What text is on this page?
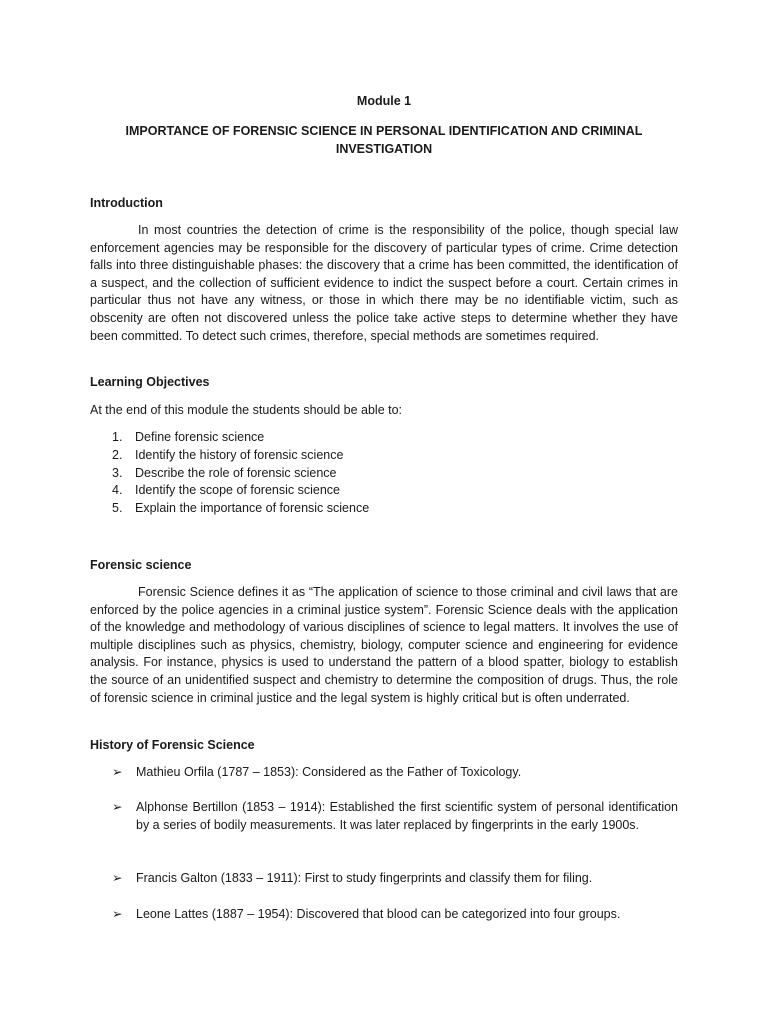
Module 1
IMPORTANCE OF FORENSIC SCIENCE IN PERSONAL IDENTIFICATION AND CRIMINAL INVESTIGATION
Introduction
In most countries the detection of crime is the responsibility of the police, though special law enforcement agencies may be responsible for the discovery of particular types of crime. Crime detection falls into three distinguishable phases: the discovery that a crime has been committed, the identification of a suspect, and the collection of sufficient evidence to indict the suspect before a court. Certain crimes in particular thus not have any witness, or those in which there may be no identifiable victim, such as obscenity are often not discovered unless the police take active steps to determine whether they have been committed. To detect such crimes, therefore, special methods are sometimes required.
Learning Objectives
At the end of this module the students should be able to:
1.	Define forensic science
2.	Identify the history of forensic science
3.	Describe the role of forensic science
4.	Identify the scope of forensic science
5.	Explain the importance of forensic science
Forensic science
Forensic Science defines it as “The application of science to those criminal and civil laws that are enforced by the police agencies in a criminal justice system”. Forensic Science deals with the application of the knowledge and methodology of various disciplines of science to legal matters. It involves the use of multiple disciplines such as physics, chemistry, biology, computer science and engineering for evidence analysis. For instance, physics is used to understand the pattern of a blood spatter, biology to establish the source of an unidentified suspect and chemistry to determine the composition of drugs. Thus, the role of forensic science in criminal justice and the legal system is highly critical but is often underrated.
History of Forensic Science
➢ Mathieu Orfila (1787 – 1853): Considered as the Father of Toxicology.
➢ Alphonse Bertillon (1853 – 1914): Established the first scientific system of personal identification by a series of bodily measurements. It was later replaced by fingerprints in the early 1900s.
➢ Francis Galton (1833 – 1911): First to study fingerprints and classify them for filing.
➢ Leone Lattes (1887 – 1954): Discovered that blood can be categorized into four groups.
